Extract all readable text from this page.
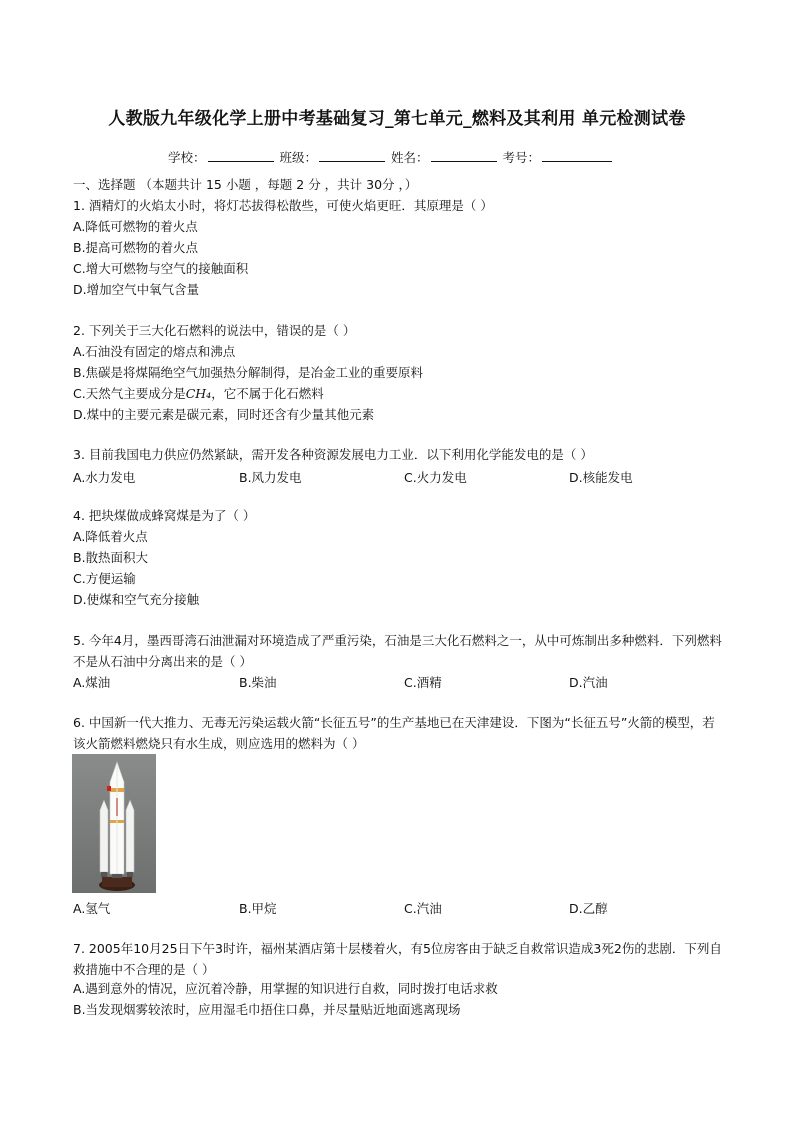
人教版九年级化学上册中考基础复习_第七单元_燃料及其利用 单元检测试卷
学校：	班级：	姓名：	考号：
一、选择题 （本题共计 15 小题 ，每题 2 分 ，共计 30分 ，）
1. 酒精灯的火焰太小时，将灯芯拔得松散些，可使火焰更旺．其原理是（ ）
A.降低可燃物的着火点
B.提高可燃物的着火点
C.增大可燃物与空气的接触面积
D.增加空气中氧气含量
2. 下列关于三大化石燃料的说法中，错误的是（ ）
A.石油没有固定的熔点和沸点
B.焦碳是将煤隔绝空气加强热分解制得，是冶金工业的重要原料
C.天然气主要成分是CH₄，它不属于化石燃料
D.煤中的主要元素是碳元素，同时还含有少量其他元素
3. 目前我国电力供应仍然紧缺，需开发各种资源发展电力工业．以下利用化学能发电的是（ ）
A.水力发电	B.风力发电	C.火力发电	D.核能发电
4. 把块煤做成蜂窝煤是为了（ ）
A.降低着火点
B.散热面积大
C.方便运输
D.使煤和空气充分接触
5. 今年4月，墨西哥湾石油泄漏对环境造成了严重污染，石油是三大化石燃料之一，从中可炼制出多种燃料．下列燃料不是从石油中分离出来的是（ ）
A.煤油	B.柴油	C.酒精	D.汽油
6. 中国新一代大推力、无毒无污染运载火箭“长征五号”的生产基地已在天津建设．下图为“长征五号”火箭的模型，若该火箭燃料燃烧只有水生成，则应选用的燃料为（ ）
A.氢气	B.甲烷	C.汽油	D.乙醇
7. 2005年10月25日下午3时许，福州某酒店第十层楼着火，有5位房客由于缺乏自救常识造成3死2伤的悲剧．下列自救措施中不合理的是（ ）
A.遇到意外的情况，应沉着冷静，用掌握的知识进行自救，同时拨打电话求救
B.当发现烟雾较浓时，应用湿毛巾捂住口鼻，并尽量贴近地面逃离现场
